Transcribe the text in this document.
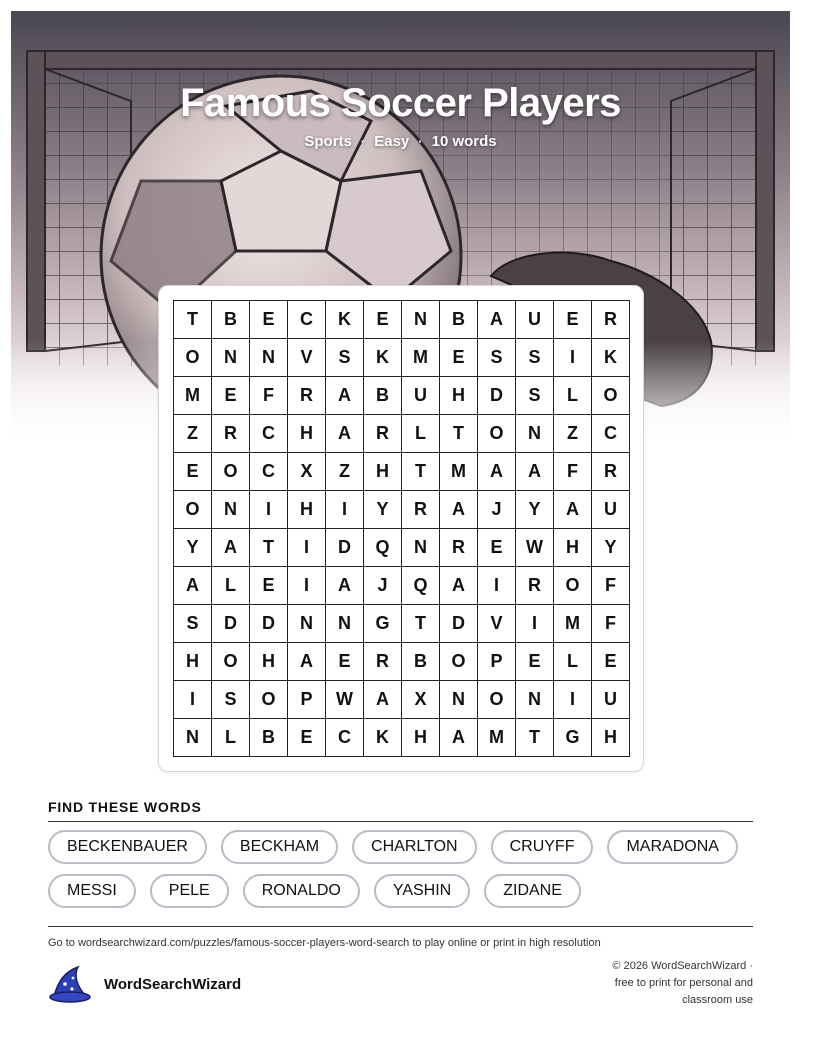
Famous Soccer Players
Sports · Easy · 10 words
T	B	E	C	K	E	N	B	A	U	E	R
O	N	N	V	S	K	M	E	S	S	I	K
M	E	F	R	A	B	U	H	D	S	L	O
Z	R	C	H	A	R	L	T	O	N	Z	C
E	O	C	X	Z	H	T	M	A	A	F	R
O	N	I	H	I	Y	R	A	J	Y	A	U
Y	A	T	I	D	Q	N	R	E	W	H	Y
A	L	E	I	A	J	Q	A	I	R	O	F
S	D	D	N	N	G	T	D	V	I	M	F
H	O	H	A	E	R	B	O	P	E	L	E
I	S	O	P	W	A	X	N	O	N	I	U
N	L	B	E	C	K	H	A	M	T	G	H
FIND THESE WORDS
BECKENBAUER	BECKHAM	CHARLTON	CRUYFF	MARADONA
MESSI	PELE	RONALDO	YASHIN	ZIDANE
Go to wordsearchwizard.com/puzzles/famous-soccer-players-word-search to play online or print in high resolution
WordSearchWizard
© 2026 WordSearchWizard ·
free to print for personal and
classroom use
